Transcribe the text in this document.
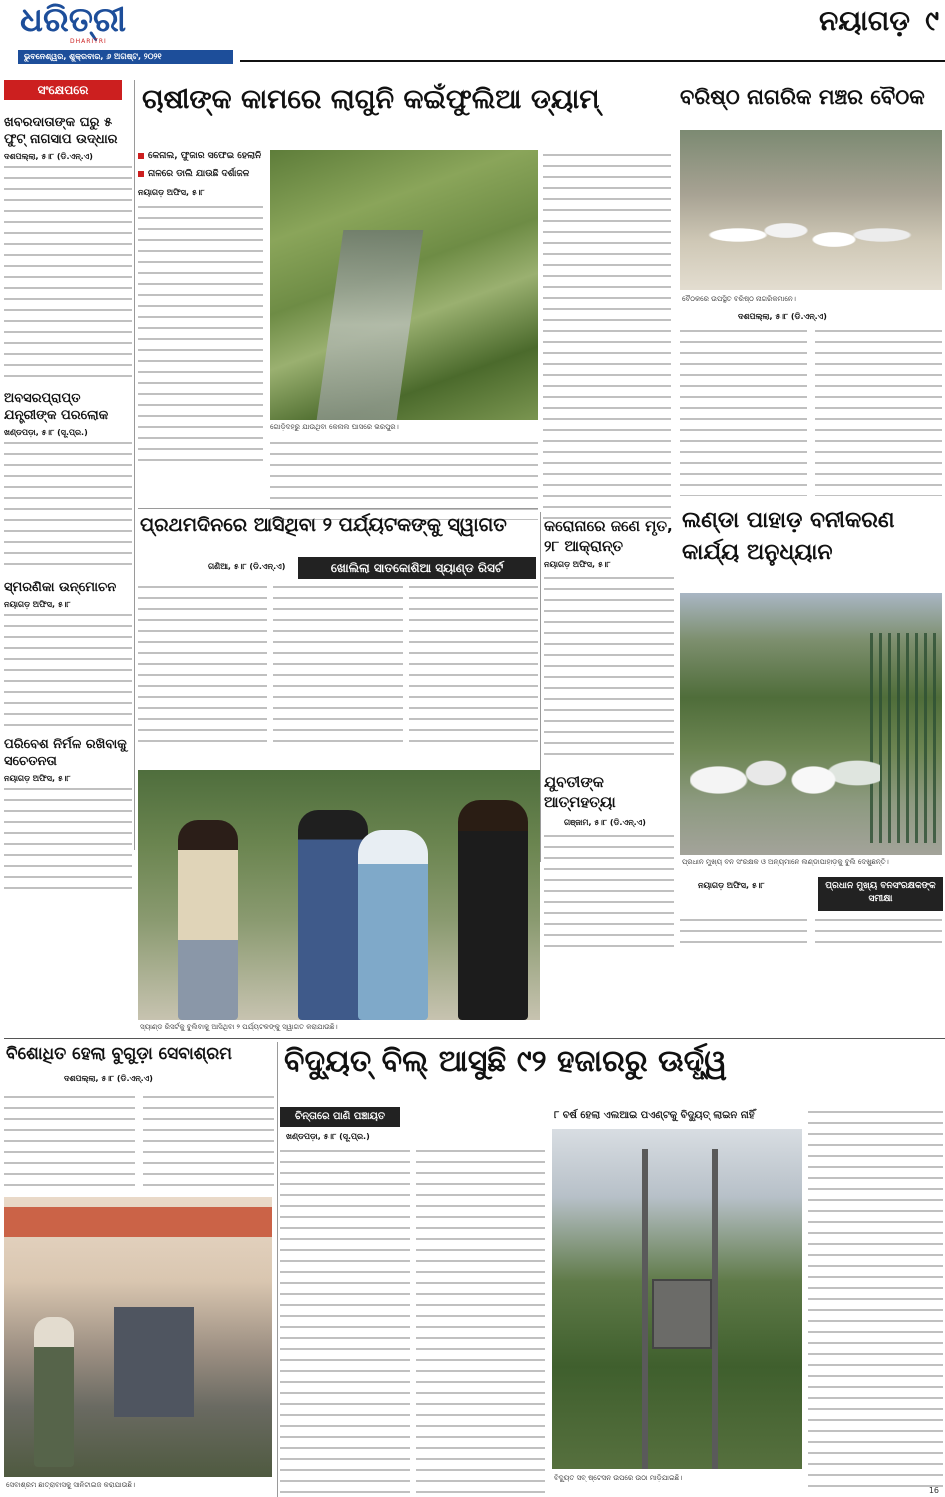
ଧରିତ୍ରୀ
DHARITRI
ଭୁବନେଶ୍ୱର, ଶୁକ୍ରବାର, ୬ ଅଗଷ୍ଟ, ୨୦୨୧
ନୟାଗଡ଼ ୯
ସଂକ୍ଷେପରେ
ଖବରଦାତାଙ୍କ ଘରୁ ୫ ଫୁଟ୍ ନାଗସାପ ଉଦ୍ଧାର
ଦଶପଲ୍ଲା, ୫।୮ (ଡି.ଏନ୍.ଏ)
ଅବସରପ୍ରାପ୍ତ ଯନ୍ତ୍ରୀଙ୍କ ପରଲୋକ
ଖଣ୍ଡପଡ଼ା, ୫।୮ (ସୂ.ପ୍ର.)
ସ୍ମରଣିକା ଉନ୍ମୋଚନ
ନୟାଗଡ଼ ଅଫିସ, ୫।୮
ପରିବେଶ ନିର୍ମଳ ରଖିବାକୁ ସଚେତନତା
ନୟାଗଡ଼ ଅଫିସ, ୫।୮
ଚାଷୀଙ୍କ କାମରେ ଲାଗୁନି କଇଁଫୁଲିଆ ଡ୍ୟାମ୍
କେନାଲ, ଫୁଜାର ସଫେଇ ହେଲାନି
ନାଳରେ ଡାଲି ଯାଉଛି ଦର୍ଶାଜଳ
ନୟାଗଡ଼ ଅଫିସ, ୫।୮
ଗୋଡ଼ିଦହରୁ ଯାଉଥିବା କେନାଲ ଘାସରେ ଭରପୁର।
ବରିଷ୍ଠ ନାଗରିକ ମଞ୍ଚର ବୈଠକ
ବୈଠକରେ ଉପସ୍ଥିତ ବରିଷ୍ଠ ନାଗରିକମାନେ।
ଦଶପଲ୍ଲା, ୫।୮ (ଡି.ଏନ୍.ଏ)
ପ୍ରଥମଦିନରେ ଆସିଥିବା ୨ ପର୍ଯ୍ୟଟକଙ୍କୁ ସ୍ୱାଗତ
ଗଣିଆ, ୫।୮ (ଡି.ଏନ୍.ଏ)	ଖୋଲିଲା ସାତକୋଶିଆ ସ୍ୟାଣ୍ଡ ରିସର୍ଟ
କରୋନାରେ ଜଣେ ମୃତ, ୨୮ ଆକ୍ରାନ୍ତ
ନୟାଗଡ଼ ଅଫିସ, ୫।୮
ଯୁବତୀଙ୍କ ଆତ୍ମହତ୍ୟା
ଗଞ୍ଜାମ, ୫।୮ (ଡି.ଏନ୍.ଏ)
ଲଣ୍ଡା ପାହାଡ଼ ବନୀକରଣ କାର୍ଯ୍ୟ ଅନୁଧ୍ୟାନ
ପ୍ରଧାନ ମୁଖ୍ୟ ବନ ସଂରକ୍ଷକ ଓ ଅନ୍ୟମାନେ ଲଣ୍ଡାପାହାଡ଼କୁ ବୁଲି ଦେଖୁଛନ୍ତି।
ନୟାଗଡ଼ ଅଫିସ, ୫।୮	ପ୍ରଧାନ ମୁଖ୍ୟ ବନସଂରକ୍ଷକଙ୍କ ସମୀକ୍ଷା
ସ୍ୟାଣ୍ଡ ରିସର୍ଟକୁ ବୁଲିବାକୁ ଆସିଥିବା ୨ ପର୍ଯ୍ୟଟକଙ୍କୁ ସ୍ୱାଗତ କରାଯାଉଛି।
ବିଶୋଧିତ ହେଲା ବୁଗୁଡ଼ା ସେବାଶ୍ରମ
ଦଶପଲ୍ଲା, ୫।୮ (ଡି.ଏନ୍.ଏ)
ସେବାଶ୍ରମ ଛାତ୍ରାବାସକୁ ସାନିଟାଇଜ କରାଯାଉଛି।
ବିଦ୍ୟୁତ୍ ବିଲ୍ ଆସୁଛି ୯୨ ହଜାରରୁ ଊର୍ଦ୍ଧ୍ୱ
ଚିନ୍ତାରେ ପାଣି ପଞ୍ଚାୟତ
ଖଣ୍ଡପଡ଼ା, ୫।୮ (ସୂ.ପ୍ର.)
୮ ବର୍ଷ ହେଲା ଏଲଆଇ ପଏଣ୍ଟକୁ ବିଦ୍ୟୁତ୍ ଲାଇନ ନାହିଁ
ବିଦ୍ୟୁତ ସବ୍ ଷ୍ଟେସନ ଉପରେ ଉଠା ମାଡ଼ିଯାଇଛି।
16
